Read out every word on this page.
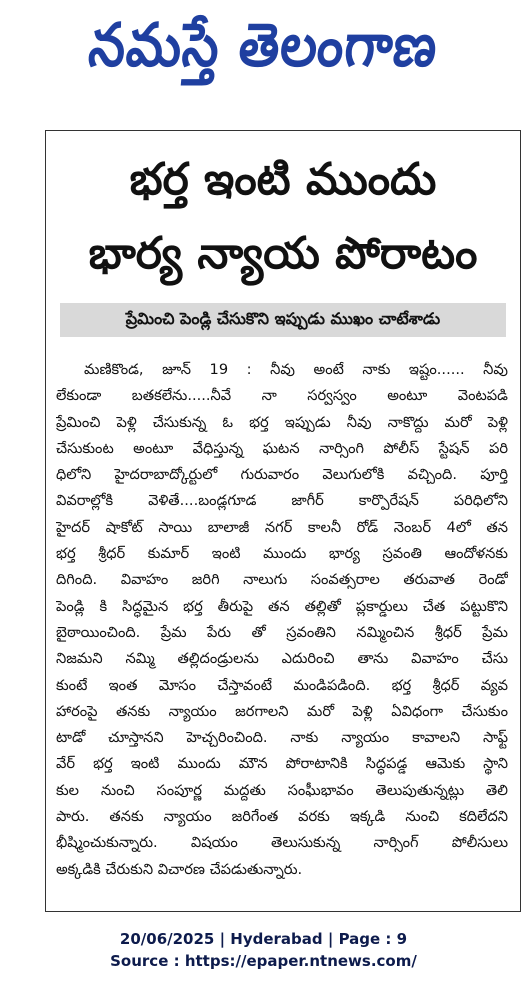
నమస్తే తెలంగాణ
భర్త ఇంటి ముందు
భార్య న్యాయ పోరాటం
ప్రేమించి పెండ్లి చేసుకొని ఇప్పుడు ముఖం చాటేశాడు
మణికొండ, జూన్ 19 : నీవు అంటే నాకు ఇష్టం...... నీవు
లేకుండా బతకలేను.....నీవే నా సర్వస్వం అంటూ వెంటపడి
ప్రేమించి పెళ్లి చేసుకున్న ఓ భర్త ఇప్పుడు నీవు నాకొద్దు మరో పెళ్లి
చేసుకుంట అంటూ వేధిస్తున్న ఘటన నార్సింగి పోలీస్ స్టేషన్ పరి
ధిలోని హైదరాబాద్కోర్టులో గురువారం వెలుగులోకి వచ్చింది. పూర్తి
వివరాల్లోకి వెళితే....బండ్లగూడ జాగీర్ కార్పొరేషన్ పరిధిలోని
హైదర్ షాకోట్ సాయి బాలాజీ నగర్ కాలనీ రోడ్ నెంబర్ 4లో తన
భర్త శ్రీధర్ కుమార్ ఇంటి ముందు భార్య స్రవంతి ఆందోళనకు
దిగింది. వివాహం జరిగి నాలుగు సంవత్సరాల తరువాత రెండో
పెండ్లి కి సిద్ధమైన భర్త తీరుపై తన తల్లితో ప్లకార్డులు చేత పట్టుకొని
బైఠాయించింది. ప్రేమ పేరు తో స్రవంతిని నమ్మించిన శ్రీధర్ ప్రేమ
నిజమని నమ్మి తల్లిదండ్రులను ఎదురించి తాను వివాహం చేసు
కుంటే ఇంత మోసం చేస్తావంటే మండిపడింది. భర్త శ్రీధర్ వ్యవ
హారంపై తనకు న్యాయం జరగాలని మరో పెళ్లి ఏవిధంగా చేసుకుం
టాడో చూస్తానని హెచ్చరించింది. నాకు న్యాయం కావాలని సాఫ్ట్
వేర్ భర్త ఇంటి ముందు మౌన పోరాటానికి సిద్ధపడ్డ ఆమెకు స్థాని
కుల నుంచి సంపూర్ణ మద్దతు సంఘీభావం తెలుపుతున్నట్లు తెలి
పారు. తనకు న్యాయం జరిగేంత వరకు ఇక్కడి నుంచి కదిలేదని
భీష్మించుకున్నారు. విషయం తెలుసుకున్న నార్సింగ్ పోలీసులు
అక్కడికి చేరుకుని విచారణ చేపడుతున్నారు.
20/06/2025 | Hyderabad | Page : 9
Source : https://epaper.ntnews.com/
